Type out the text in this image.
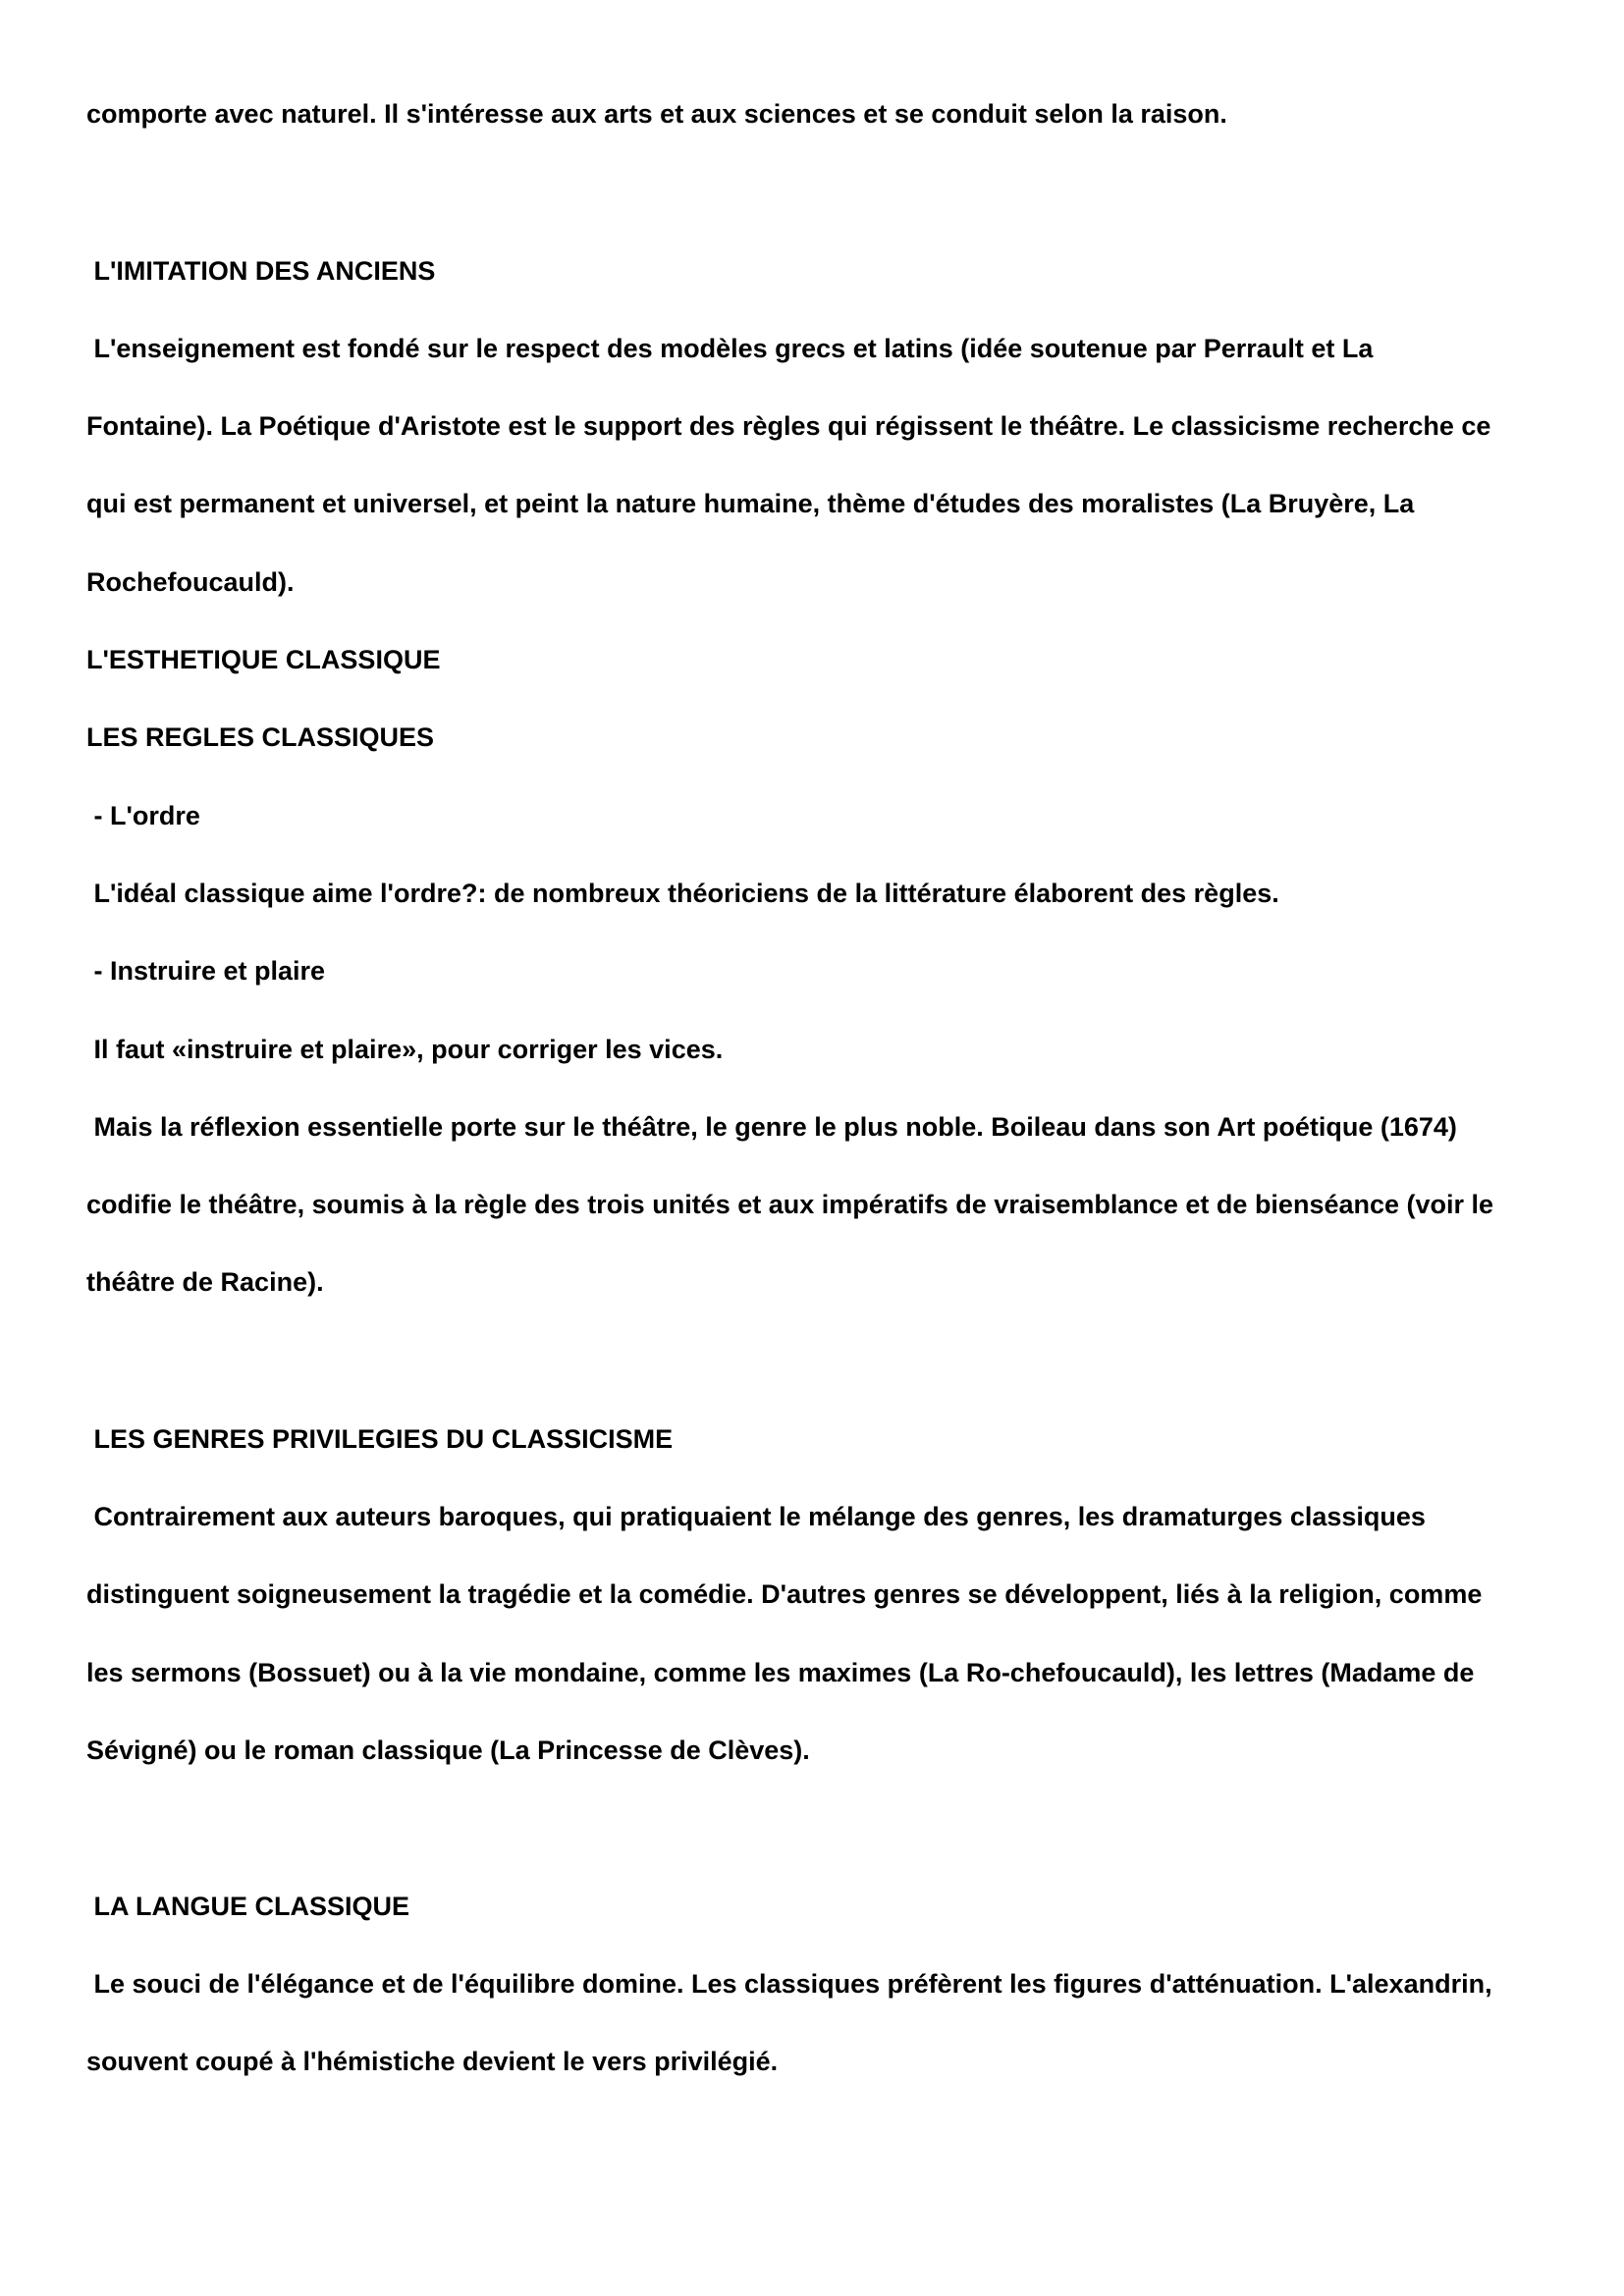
comporte avec naturel. Il s'intéresse aux arts et aux sciences et se conduit selon la raison.

L'IMITATION DES ANCIENS

L'enseignement est fondé sur le respect des modèles grecs et latins (idée soutenue par Perrault et La

Fontaine). La Poétique d'Aristote est le support des règles qui régissent le théâtre. Le classicisme recherche ce

qui est permanent et universel, et peint la nature humaine, thème d'études des moralistes (La Bruyère, La

Rochefoucauld).

L'ESTHETIQUE CLASSIQUE

LES REGLES CLASSIQUES

- L'ordre

L'idéal classique aime l'ordre?: de nombreux théoriciens de la littérature élaborent des règles.

- Instruire et plaire

Il faut «instruire et plaire», pour corriger les vices.

Mais la réflexion essentielle porte sur le théâtre, le genre le plus noble. Boileau dans son Art poétique (1674)

codifie le théâtre, soumis à la règle des trois unités et aux impératifs de vraisemblance et de bienséance (voir le

théâtre de Racine).

LES GENRES PRIVILEGIES DU CLASSICISME

Contrairement aux auteurs baroques, qui pratiquaient le mélange des genres, les dramaturges classiques

distinguent soigneusement la tragédie et la comédie. D'autres genres se développent, liés à la religion, comme

les sermons (Bossuet) ou à la vie mondaine, comme les maximes (La Ro-chefoucauld), les lettres (Madame de

Sévigné) ou le roman classique (La Princesse de Clèves).

LA LANGUE CLASSIQUE

Le souci de l'élégance et de l'équilibre domine. Les classiques préfèrent les figures d'atténuation. L'alexandrin,

souvent coupé à l'hémistiche devient le vers privilégié.
